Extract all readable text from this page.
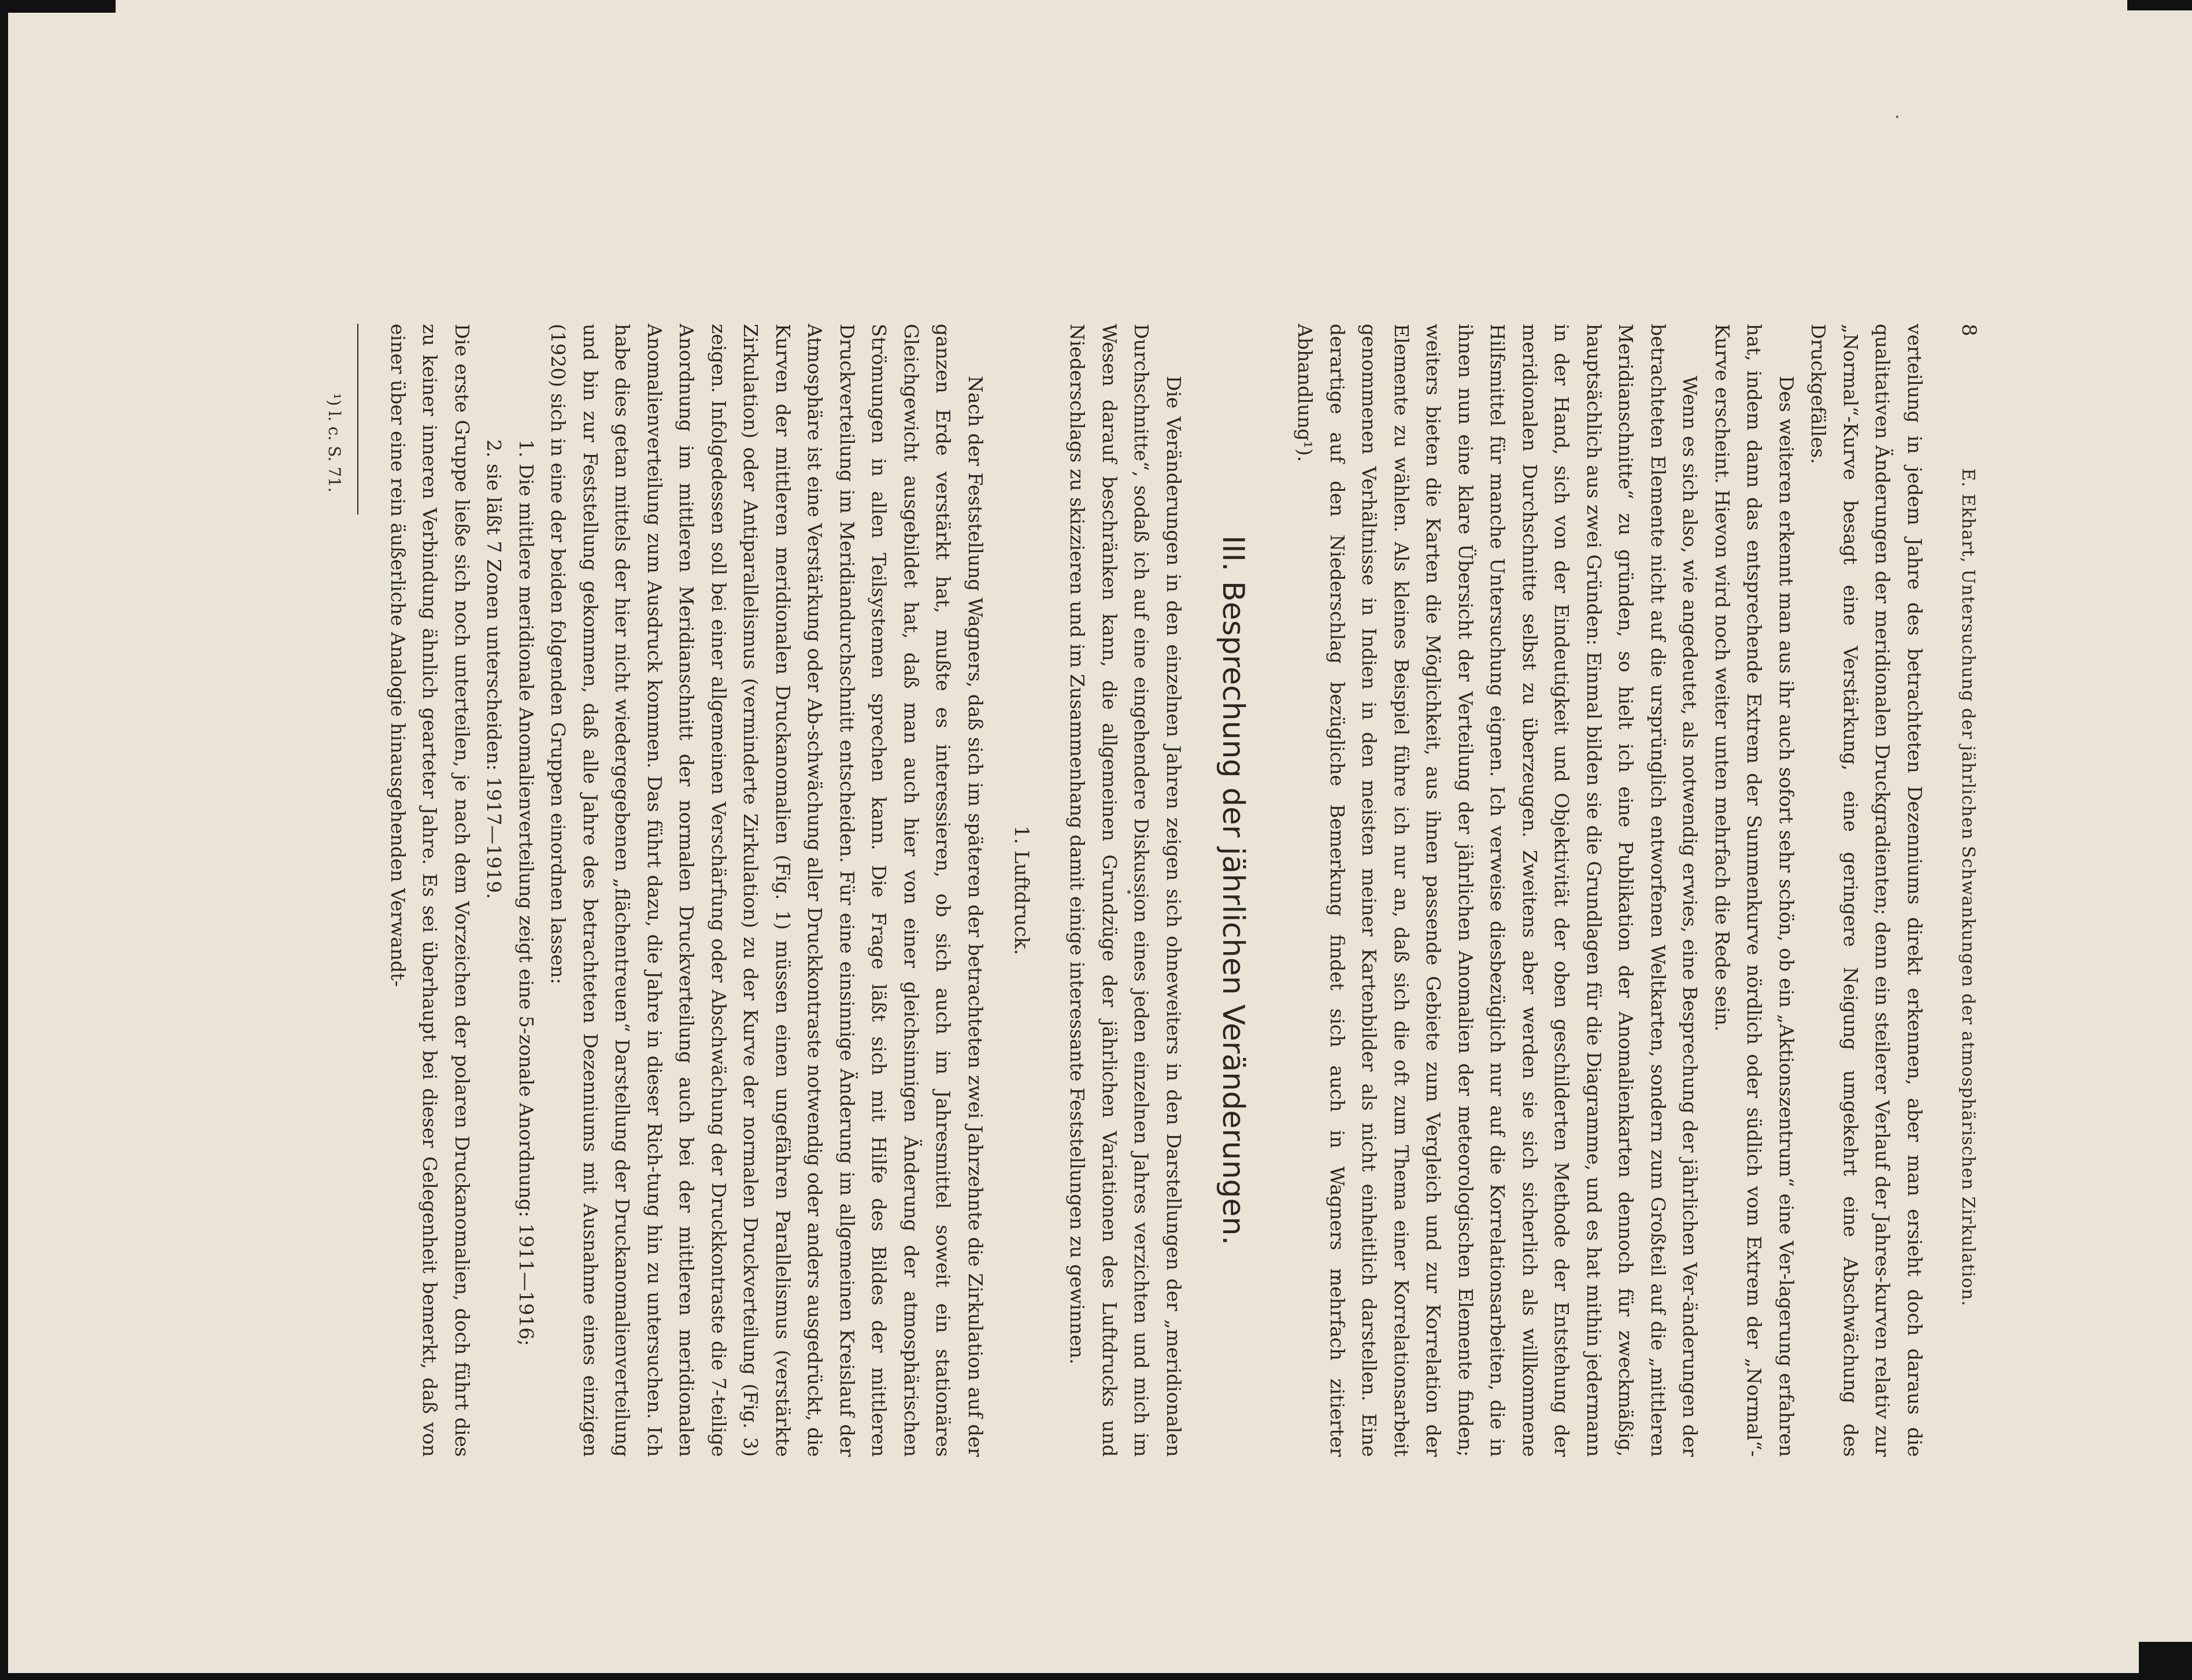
8
E. Ekhart, Untersuchung der jährlichen Schwankungen der atmosphärischen Zirkulation.

verteilung in jedem Jahre des betrachteten Dezenniums direkt erkennen, aber man ersieht doch daraus die qualitativen Änderungen der meridionalen Druckgradienten; denn ein steilerer Verlauf der Jahres-kurven relativ zur „Normal“-Kurve besagt eine Verstärkung, eine geringere Neigung umgekehrt eine Abschwächung des Druckgefälles.

Des weiteren erkennt man aus ihr auch sofort sehr schön, ob ein „Aktionszentrum“ eine Ver-lagerung erfahren hat, indem dann das entsprechende Extrem der Summenkurve nördlich oder südlich vom Extrem der „Normal“-Kurve erscheint. Hievon wird noch weiter unten mehrfach die Rede sein.

Wenn es sich also, wie angedeutet, als notwendig erwies, eine Besprechung der jährlichen Ver-änderungen der betrachteten Elemente nicht auf die ursprünglich entworfenen Weltkarten, sondern zum Großteil auf die „mittleren Meridianschnitte“ zu gründen, so hielt ich eine Publikation der Anomalienkarten dennoch für zweckmäßig, hauptsächlich aus zwei Gründen: Einmal bilden sie die Grundlagen für die Diagramme, und es hat mithin jedermann in der Hand, sich von der Eindeutigkeit und Objektivität der oben geschilderten Methode der Entstehung der meridionalen Durchschnitte selbst zu überzeugen. Zweitens aber werden sie sich sicherlich als willkommene Hilfsmittel für manche Untersuchung eignen. Ich verweise diesbezüglich nur auf die Korrelationsarbeiten, die in ihnen nun eine klare Übersicht der Verteilung der jährlichen Anomalien der meteorologischen Elemente finden; weiters bieten die Karten die Möglichkeit, aus ihnen passende Gebiete zum Vergleich und zur Korrelation der Elemente zu wählen. Als kleines Beispiel führe ich nur an, daß sich die oft zum Thema einer Korrelationsarbeit genommenen Verhältnisse in Indien in den meisten meiner Kartenbilder als nicht einheitlich darstellen. Eine derartige auf den Niederschlag bezügliche Bemerkung findet sich auch in Wagners mehrfach zitierter Abhandlung¹).

III. Besprechung der jährlichen Veränderungen.

Die Veränderungen in den einzelnen Jahren zeigen sich ohneweiters in den Darstellungen der „meridionalen Durchschnitte“, sodaß ich auf eine eingehendere Diskussion eines jeden einzelnen Jahres verzichten und mich im Wesen darauf beschränken kann, die allgemeinen Grundzüge der jährlichen Variationen des Luftdrucks und Niederschlags zu skizzieren und im Zusammenhang damit einige interessante Feststellungen zu gewinnen.

1. Luftdruck.

Nach der Feststellung Wagners, daß sich im späteren der betrachteten zwei Jahrzehnte die Zirkulation auf der ganzen Erde verstärkt hat, mußte es interessieren, ob sich auch im Jahresmittel soweit ein stationäres Gleichgewicht ausgebildet hat, daß man auch hier von einer gleichsinnigen Änderung der atmosphärischen Strömungen in allen Teilsystemen sprechen kann. Die Frage läßt sich mit Hilfe des Bildes der mittleren Druckverteilung im Meridiandurchschnitt entscheiden. Für eine einsinnige Änderung im allgemeinen Kreislauf der Atmosphäre ist eine Verstärkung oder Ab-schwächung aller Druckkontraste notwendig oder anders ausgedrückt, die Kurven der mittleren meridionalen Druckanomalien (Fig. 1) müssen einen ungefähren Parallelismus (verstärkte Zirkulation) oder Antiparallelismus (verminderte Zirkulation) zu der Kurve der normalen Druckverteilung (Fig. 3) zeigen. Infolgedessen soll bei einer allgemeinen Verschärfung oder Abschwächung der Druckkontraste die 7-teilige Anordnung im mittleren Meridianschnitt der normalen Druckverteilung auch bei der mittleren meridionalen Anomalienverteilung zum Ausdruck kommen. Das führt dazu, die Jahre in dieser Rich-tung hin zu untersuchen. Ich habe dies getan mittels der hier nicht wiedergegebenen „flächentreuen“ Darstellung der Druckanomalienverteilung und bin zur Feststellung gekommen, daß alle Jahre des betrachteten Dezenniums mit Ausnahme eines einzigen (1920) sich in eine der beiden folgenden Gruppen einordnen lassen:

1. Die mittlere meridionale Anomalienverteilung zeigt eine 5-zonale Anordnung: 1911—1916;
2. sie läßt 7 Zonen unterscheiden: 1917—1919.

Die erste Gruppe ließe sich noch unterteilen, je nach dem Vorzeichen der polaren Druckanomalien, doch führt dies zu keiner inneren Verbindung ähnlich gearteter Jahre. Es sei überhaupt bei dieser Gelegenheit bemerkt, daß von einer über eine rein äußerliche Analogie hinausgehenden Verwandt-

¹) l. c. S. 71.
